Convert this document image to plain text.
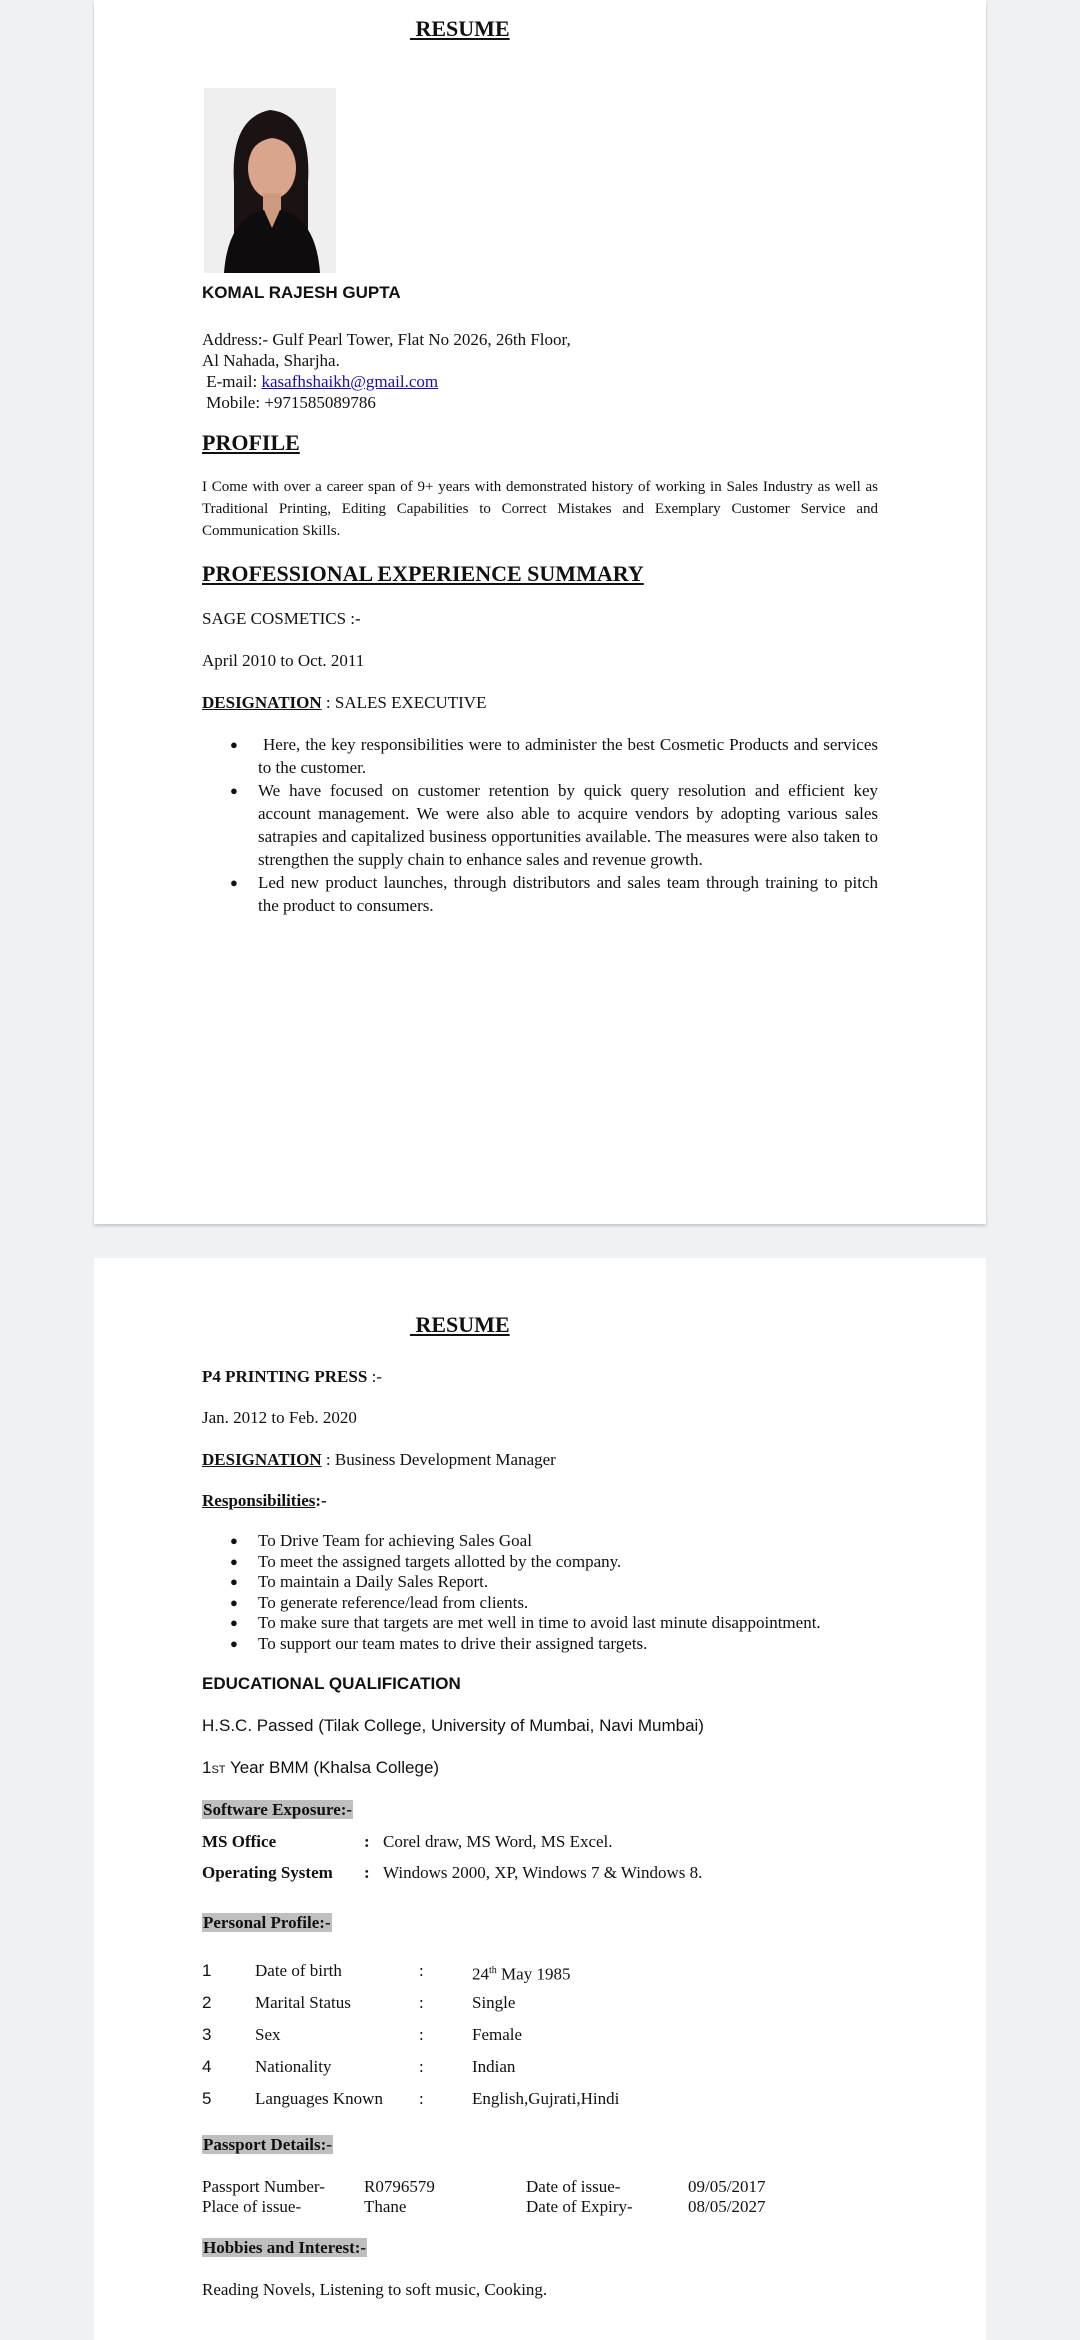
RESUME
KOMAL RAJESH GUPTA
Address:- Gulf Pearl Tower, Flat No 2026, 26th Floor,
Al Nahada, Sharjha.
E-mail: kasafhshaikh@gmail.com
Mobile: +971585089786
PROFILE
I Come with over a career span of 9+ years with demonstrated history of working in Sales Industry as well as Traditional Printing, Editing Capabilities to Correct Mistakes and Exemplary Customer Service and Communication Skills.
PROFESSIONAL EXPERIENCE SUMMARY
SAGE COSMETICS :-
April 2010 to Oct. 2011
DESIGNATION : SALES EXECUTIVE
●  Here, the key responsibilities were to administer the best Cosmetic Products and services to the customer.
● We have focused on customer retention by quick query resolution and efficient key account management. We were also able to acquire vendors by adopting various sales satrapies and capitalized business opportunities available. The measures were also taken to strengthen the supply chain to enhance sales and revenue growth.
● Led new product launches, through distributors and sales team through training to pitch the product to consumers.
RESUME
P4 PRINTING PRESS :-
Jan. 2012 to Feb. 2020
DESIGNATION : Business Development Manager
Responsibilities:-
● To Drive Team for achieving Sales Goal
● To meet the assigned targets allotted by the company.
● To maintain a Daily Sales Report.
● To generate reference/lead from clients.
● To make sure that targets are met well in time to avoid last minute disappointment.
● To support our team mates to drive their assigned targets.
EDUCATIONAL QUALIFICATION
H.S.C. Passed (Tilak College, University of Mumbai, Navi Mumbai)
1ST Year BMM (Khalsa College)
Software Exposure:-
MS Office	: Corel draw, MS Word, MS Excel.
Operating System	: Windows 2000, XP, Windows 7 & Windows 8.
Personal Profile:-
1	Date of birth	:	24th May 1985
2	Marital Status	:	Single
3	Sex	:	Female
4	Nationality	:	Indian
5	Languages Known	:	English,Gujrati,Hindi
Passport Details:-
Passport Number-	R0796579	Date of issue-	09/05/2017
Place of issue-	Thane	Date of Expiry-	08/05/2027
Hobbies and Interest:-
Reading Novels, Listening to soft music, Cooking.
